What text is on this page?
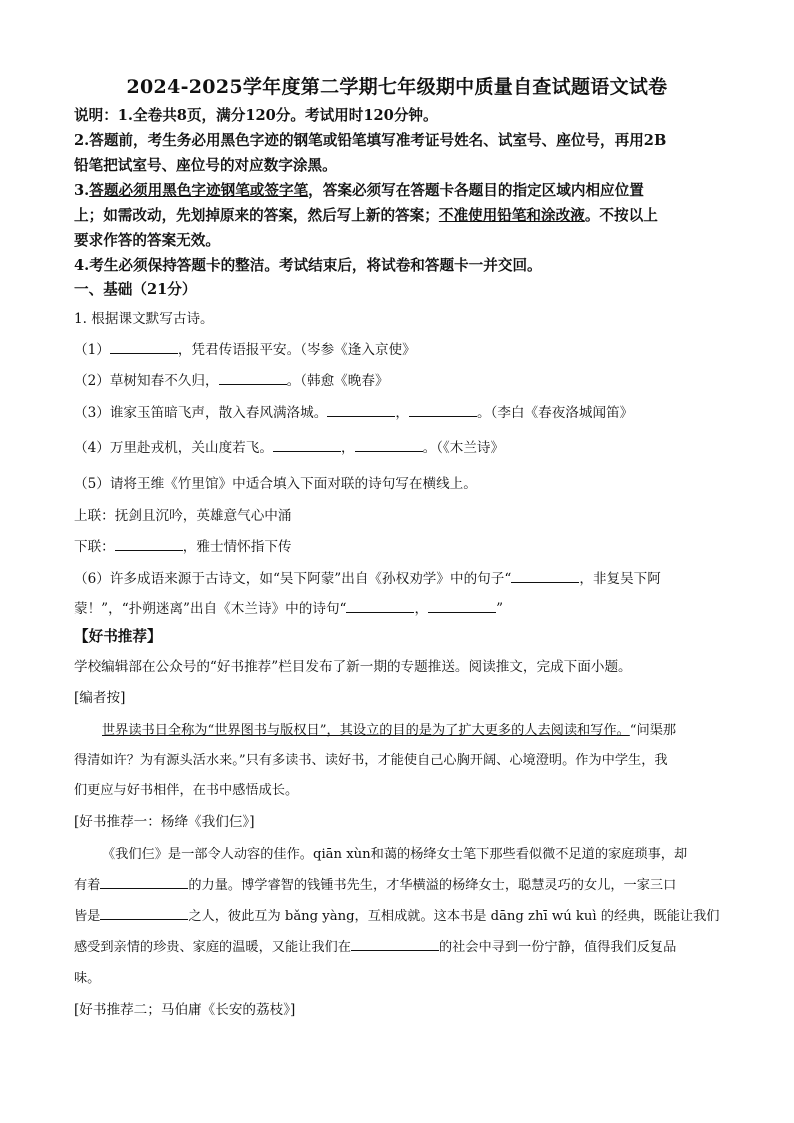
2024-2025学年度第二学期七年级期中质量自查试题语文试卷
说明：1.全卷共8页，满分120分。考试用时120分钟。
2.答题前，考生务必用黑色字迹的钢笔或铅笔填写准考证号姓名、试室号、座位号，再用2B
铅笔把试室号、座位号的对应数字涂黑。
3.答题必须用黑色字迹钢笔或签字笔，答案必须写在答题卡各题目的指定区域内相应位置
上；如需改动，先划掉原来的答案，然后写上新的答案；不准使用铅笔和涂改液。不按以上
要求作答的答案无效。
4.考生必须保持答题卡的整洁。考试结束后，将试卷和答题卡一并交回。
一、基础（21分）
1. 根据课文默写古诗。
（1）	，凭君传语报平安。（岑参《逢入京使》
（2）草树知春不久归，	。（韩愈《晚春》
（3）谁家玉笛暗飞声，散入春风满洛城。	，	。（李白《春夜洛城闻笛》
（4）万里赴戎机，关山度若飞。	，	。（《木兰诗》
（5）请将王维《竹里馆》中适合填入下面对联的诗句写在横线上。
上联：抚剑且沉吟，英雄意气心中涌
下联：	，雅士情怀指下传
（6）许多成语来源于古诗文，如“吴下阿蒙”出自《孙权劝学》中的句子“	，非复吴下阿
蒙！”，“扑朔迷离”出自《木兰诗》中的诗句“	，	”
【好书推荐】
学校编辑部在公众号的“好书推荐”栏目发布了新一期的专题推送。阅读推文，完成下面小题。
[编者按]
世界读书日全称为“世界图书与版权日”，其设立的目的是为了扩大更多的人去阅读和写作。“问渠那
得清如许？为有源头活水来。”只有多读书、读好书，才能使自己心胸开阔、心境澄明。作为中学生，我
们更应与好书相伴，在书中感悟成长。
[好书推荐一：杨绛《我们仨》]
《我们仨》是一部令人动容的佳作。qiān xùn和蔼的杨绛女士笔下那些看似微不足道的家庭琐事，却
有着	的力量。博学睿智的钱锺书先生，才华横溢的杨绛女士，聪慧灵巧的女儿，一家三口
皆是	之人，彼此互为 bǎng yàng，互相成就。这本书是 dāng zhī wú kuì 的经典，既能让我们
感受到亲情的珍贵、家庭的温暖，又能让我们在	的社会中寻到一份宁静，值得我们反复品
味。
[好书推荐二；马伯庸《长安的荔枝》]
